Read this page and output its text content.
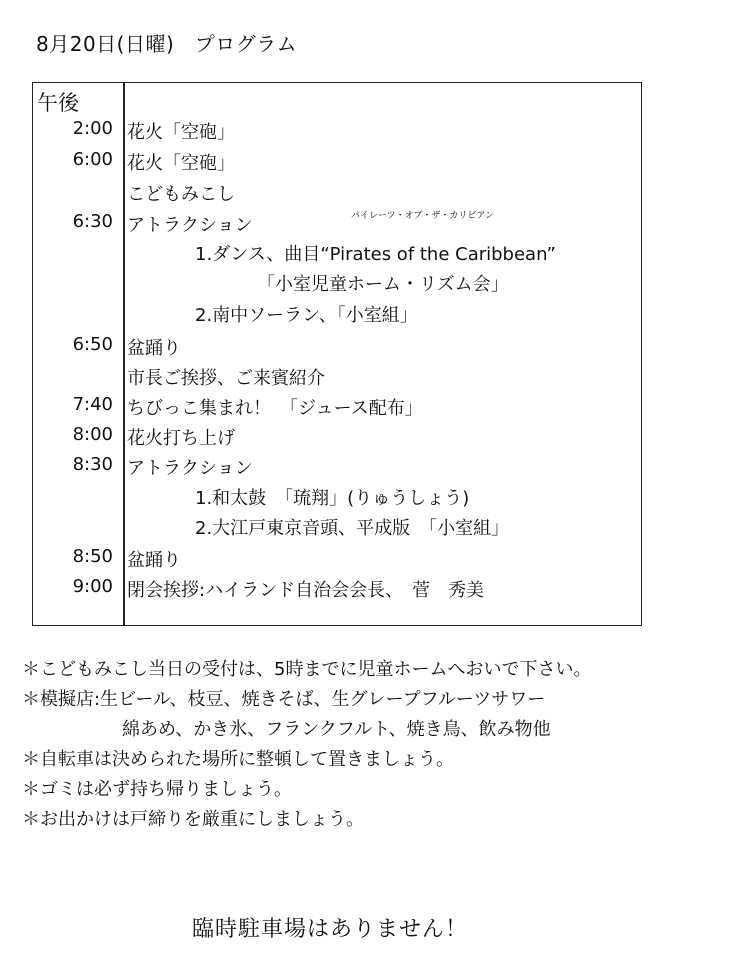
8月20日(日曜)　プログラム
午後
2:00 花火「空砲」
6:00 花火「空砲」
こどもみこし
6:30 アトラクション	パイレーツ・オブ・ザ・カリビアン
1.ダンス、曲目“Pirates of the Caribbean”
「小室児童ホーム・リズム会」
2.南中ソーラン、「小室組」
6:50 盆踊り
市長ご挨拶、ご来賓紹介
7:40 ちびっこ集まれ！　「ジュース配布」
8:00 花火打ち上げ
8:30 アトラクション
1.和太鼓　「琉翔」(りゅうしょう)
2.大江戸東京音頭、平成版　「小室組」
8:50 盆踊り
9:00 閉会挨拶:ハイランド自治会会長、　菅　秀美
＊こどもみこし当日の受付は、5時までに児童ホームへおいで下さい。
＊模擬店:生ビール、枝豆、焼きそば、生グレープフルーツサワー
綿あめ、かき氷、フランクフルト、焼き鳥、飲み物他
＊自転車は決められた場所に整頓して置きましょう。
＊ゴミは必ず持ち帰りましょう。
＊お出かけは戸締りを厳重にしましょう。
臨時駐車場はありません！
